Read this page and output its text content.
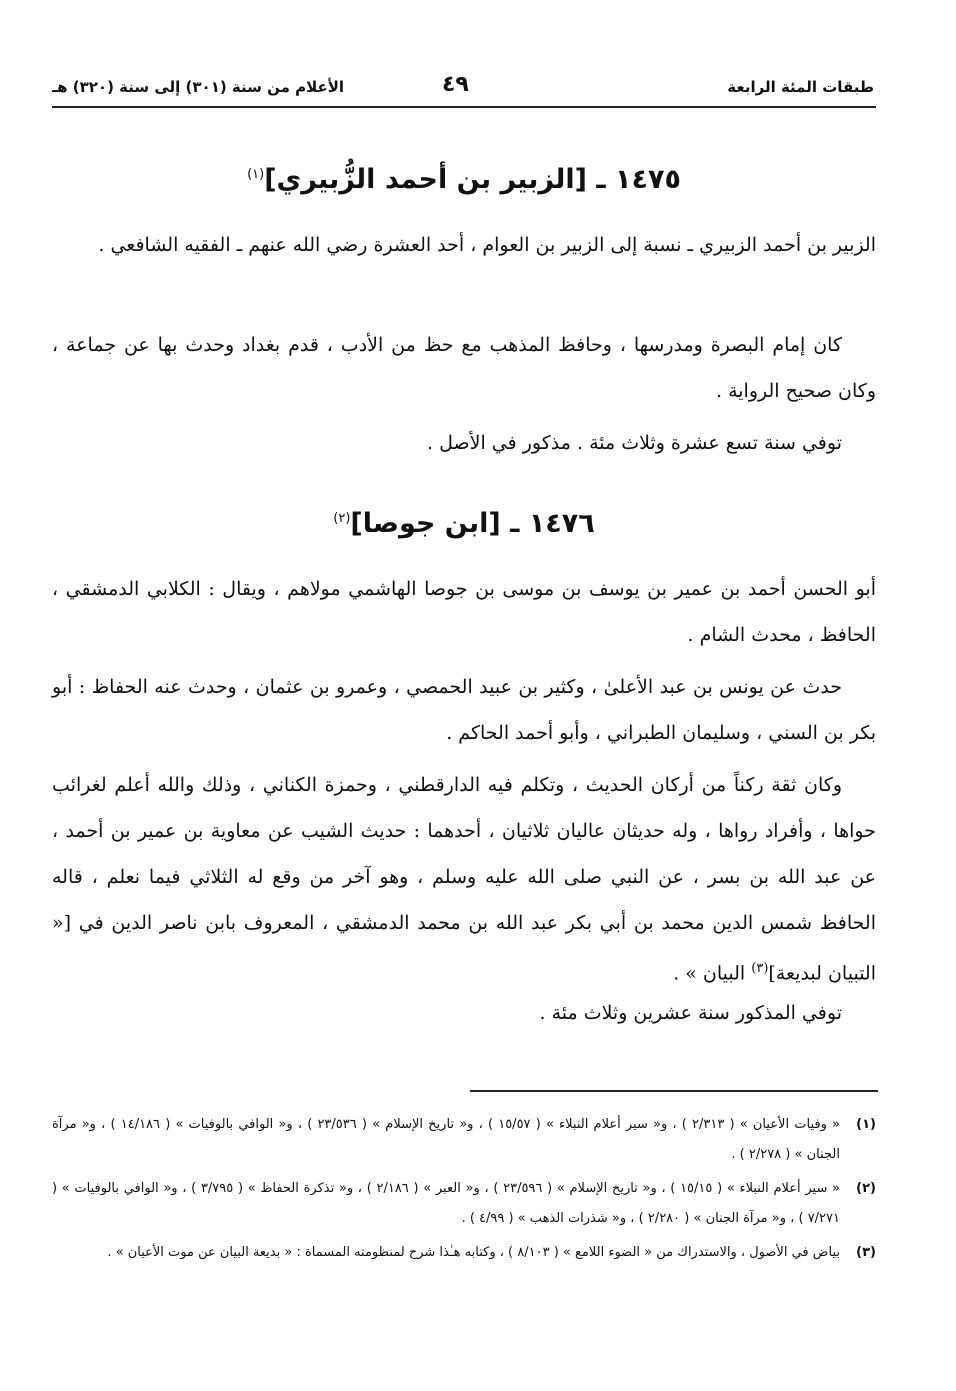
طبقات المئة الرابعة
٤٩
الأعلام من سنة (٣٠١) إلى سنة (٣٢٠) هـ
١٤٧٥ ـ [الزبير بن أحمد الزُّبيري]$^{(١)}$

الزبير بن أحمد الزبيري ـ نسبة إلى الزبير بن العوام ، أحد العشرة رضي الله عنهم ـ الفقيه الشافعي .

كان إمام البصرة ومدرسها ، وحافظ المذهب مع حظ من الأدب ، قدم بغداد وحدث بها عن جماعة ، وكان صحيح الرواية .

توفي سنة تسع عشرة وثلاث مئة . مذكور في الأصل .

١٤٧٦ ـ [ابن جوصا]$^{(٢)}$

أبو الحسن أحمد بن عمير بن يوسف بن موسى بن جوصا الهاشمي مولاهم ، ويقال : الكلابي الدمشقي ، الحافظ ، محدث الشام .

حدث عن يونس بن عبد الأعلىٰ ، وكثير بن عبيد الحمصي ، وعمرو بن عثمان ، وحدث عنه الحفاظ : أبو بكر بن السني ، وسليمان الطبراني ، وأبو أحمد الحاكم .

وكان ثقة ركناً من أركان الحديث ، وتكلم فيه الدارقطني ، وحمزة الكناني ، وذلك والله أعلم لغرائب حواها ، وأفراد رواها ، وله حديثان عاليان ثلاثيان ، أحدهما : حديث الشيب عن معاوية بن عمير بن أحمد ، عن عبد الله بن بسر ، عن النبي صلى الله عليه وسلم ، وهو آخر من وقع له الثلاثي فيما نعلم ، قاله الحافظ شمس الدين محمد بن أبي بكر عبد الله بن محمد الدمشقي ، المعروف بابن ناصر الدين في [« التبيان لبديعة]$^{(٣)}$ البيان » .

توفي المذكور سنة عشرين وثلاث مئة .

(١)
« وفيات الأعيان » ( ٢/٣١٣ ) ، و« سير أعلام النبلاء » ( ١٥/٥٧ ) ، و« تاريخ الإسلام » ( ٢٣/٥٣٦ ) ، و« الوافي بالوفيات » ( ١٤/١٨٦ ) ، و« مرآة الجنان » ( ٢/٢٧٨ ) .
(٢)
« سير أعلام النبلاء » ( ١٥/١٥ ) ، و« تاريخ الإسلام » ( ٢٣/٥٩٦ ) ، و« العبر » ( ٢/١٨٦ ) ، و« تذكرة الحفاظ » ( ٣/٧٩٥ ) ، و« الوافي بالوفيات » ( ٧/٢٧١ ) ، و« مرآة الجنان » ( ٢/٢٨٠ ) ، و« شذرات الذهب » ( ٤/٩٩ ) .
(٣)
بياض في الأصول ، والاستدراك من « الضوء اللامع » ( ٨/١٠٣ ) ، وكتابه هـٰذا شرح لمنظومته المسماة : « بديعة البيان عن موت الأعيان » .
